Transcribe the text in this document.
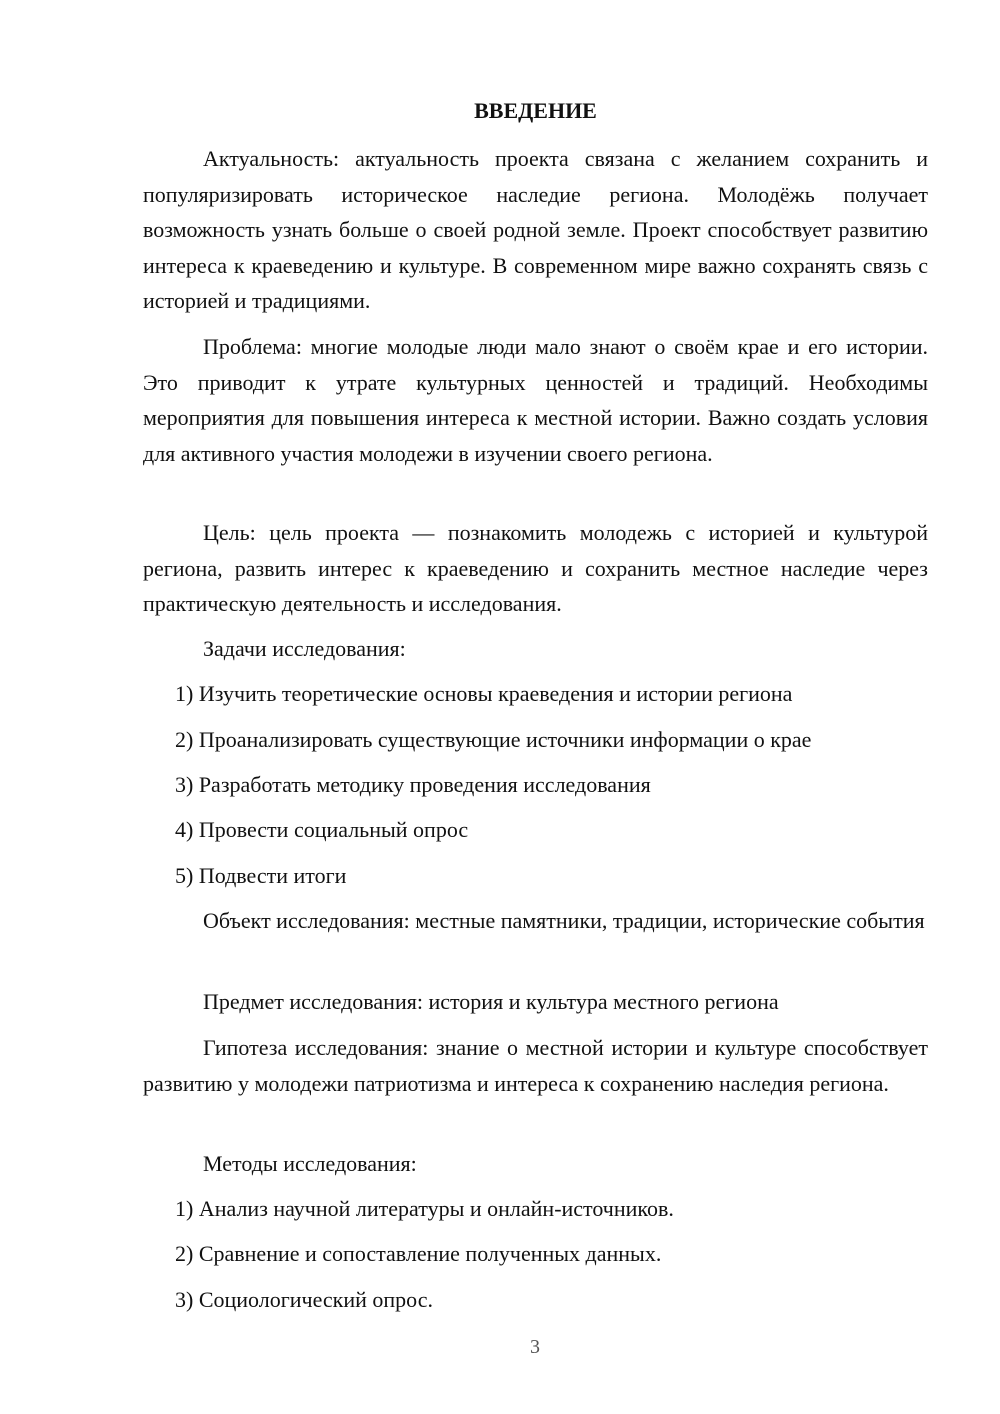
ВВЕДЕНИЕ

Актуальность: актуальность проекта связана с желанием сохранить и популяризировать историческое наследие региона. Молодёжь получает возможность узнать больше о своей родной земле. Проект способствует развитию интереса к краеведению и культуре. В современном мире важно сохранять связь с историей и традициями.

Проблема: многие молодые люди мало знают о своём крае и его истории. Это приводит к утрате культурных ценностей и традиций. Необходимы мероприятия для повышения интереса к местной истории. Важно создать условия для активного участия молодежи в изучении своего региона.

Цель: цель проекта — познакомить молодежь с историей и культурой региона, развить интерес к краеведению и сохранить местное наследие через практическую деятельность и исследования.

Задачи исследования:

1) Изучить теоретические основы краеведения и истории региона

2) Проанализировать существующие источники информации о крае

3) Разработать методику проведения исследования

4) Провести социальный опрос

5) Подвести итоги

Объект исследования: местные памятники, традиции, исторические события

Предмет исследования: история и культура местного региона

Гипотеза исследования: знание о местной истории и культуре способствует развитию у молодежи патриотизма и интереса к сохранению наследия региона.

Методы исследования:

1) Анализ научной литературы и онлайн-источников.

2) Сравнение и сопоставление полученных данных.

3) Социологический опрос.

3
